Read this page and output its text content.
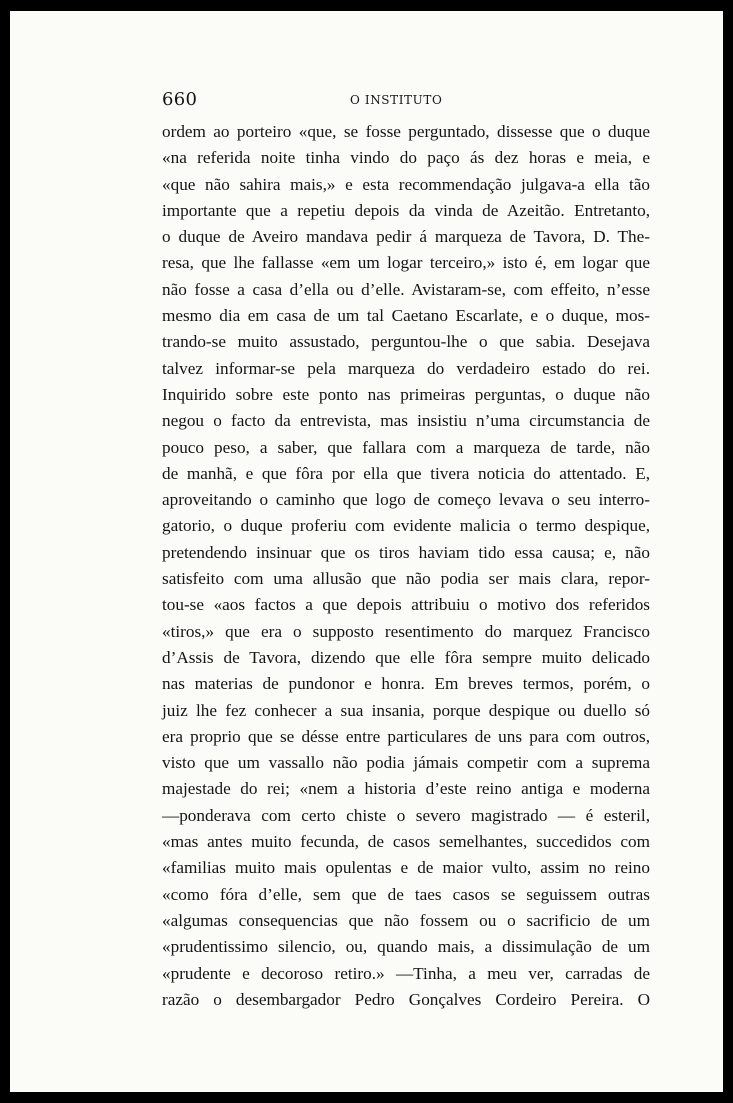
660	O INSTITUTO
ordem ao porteiro «que, se fosse perguntado, dissesse que o duque
«na referida noite tinha vindo do paço ás dez horas e meia, e
«que não sahira mais,» e esta recommendação julgava-a ella tão
importante que a repetiu depois da vinda de Azeitão. Entretanto,
o duque de Aveiro mandava pedir á marqueza de Tavora, D. The-
resa, que lhe fallasse «em um logar terceiro,» isto é, em logar que
não fosse a casa d’ella ou d’elle. Avistaram-se, com effeito, n’esse
mesmo dia em casa de um tal Caetano Escarlate, e o duque, mos-
trando-se muito assustado, perguntou-lhe o que sabia. Desejava
talvez informar-se pela marqueza do verdadeiro estado do rei.
Inquirido sobre este ponto nas primeiras perguntas, o duque não
negou o facto da entrevista, mas insistiu n’uma circumstancia de
pouco peso, a saber, que fallara com a marqueza de tarde, não
de manhã, e que fôra por ella que tivera noticia do attentado. E,
aproveitando o caminho que logo de começo levava o seu interro-
gatorio, o duque proferiu com evidente malicia o termo despique,
pretendendo insinuar que os tiros haviam tido essa causa; e, não
satisfeito com uma allusão que não podia ser mais clara, repor-
tou-se «aos factos a que depois attribuiu o motivo dos referidos
«tiros,» que era o supposto resentimento do marquez Francisco
d’Assis de Tavora, dizendo que elle fôra sempre muito delicado
nas materias de pundonor e honra. Em breves termos, porém, o
juiz lhe fez conhecer a sua insania, porque despique ou duello só
era proprio que se désse entre particulares de uns para com outros,
visto que um vassallo não podia jámais competir com a suprema
majestade do rei; «nem a historia d’este reino antiga e moderna
—ponderava com certo chiste o severo magistrado — é esteril,
«mas antes muito fecunda, de casos semelhantes, succedidos com
«familias muito mais opulentas e de maior vulto, assim no reino
«como fóra d’elle, sem que de taes casos se seguissem outras
«algumas consequencias que não fossem ou o sacrificio de um
«prudentissimo silencio, ou, quando mais, a dissimulação de um
«prudente e decoroso retiro.» —Tinha, a meu ver, carradas de
razão o desembargador Pedro Gonçalves Cordeiro Pereira. O
